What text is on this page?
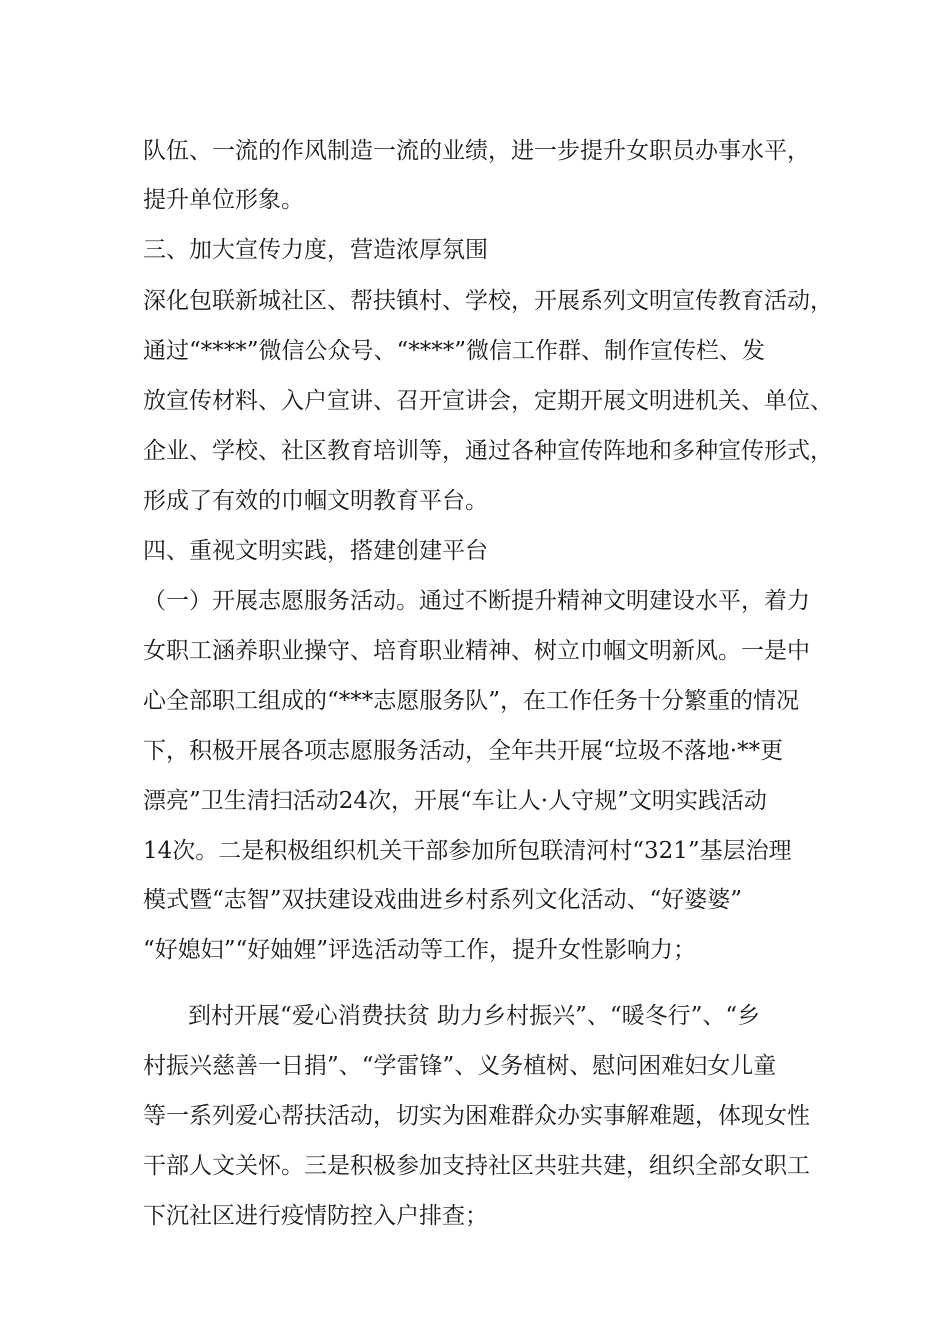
队伍、一流的作风制造一流的业绩，进一步提升女职员办事水平，
提升单位形象。
三、加大宣传力度，营造浓厚氛围
深化包联新城社区、帮扶镇村、学校，开展系列文明宣传教育活动，
通过“****”微信公众号、“****”微信工作群、制作宣传栏、发
放宣传材料、入户宣讲、召开宣讲会，定期开展文明进机关、单位、
企业、学校、社区教育培训等，通过各种宣传阵地和多种宣传形式，
形成了有效的巾帼文明教育平台。
四、重视文明实践，搭建创建平台
（一）开展志愿服务活动。通过不断提升精神文明建设水平，着力
女职工涵养职业操守、培育职业精神、树立巾帼文明新风。一是中
心全部职工组成的“***志愿服务队”，在工作任务十分繁重的情况
下，积极开展各项志愿服务活动，全年共开展“垃圾不落地·**更
漂亮”卫生清扫活动24次，开展“车让人·人守规”文明实践活动
14次。二是积极组织机关干部参加所包联清河村“321”基层治理
模式暨“志智”双扶建设戏曲进乡村系列文化活动、“好婆婆”
“好媳妇”“好妯娌”评选活动等工作，提升女性影响力；
到村开展“爱心消费扶贫 助力乡村振兴”、“暖冬行”、“乡
村振兴慈善一日捐”、“学雷锋”、义务植树、慰问困难妇女儿童
等一系列爱心帮扶活动，切实为困难群众办实事解难题，体现女性
干部人文关怀。三是积极参加支持社区共驻共建，组织全部女职工
下沉社区进行疫情防控入户排查；
